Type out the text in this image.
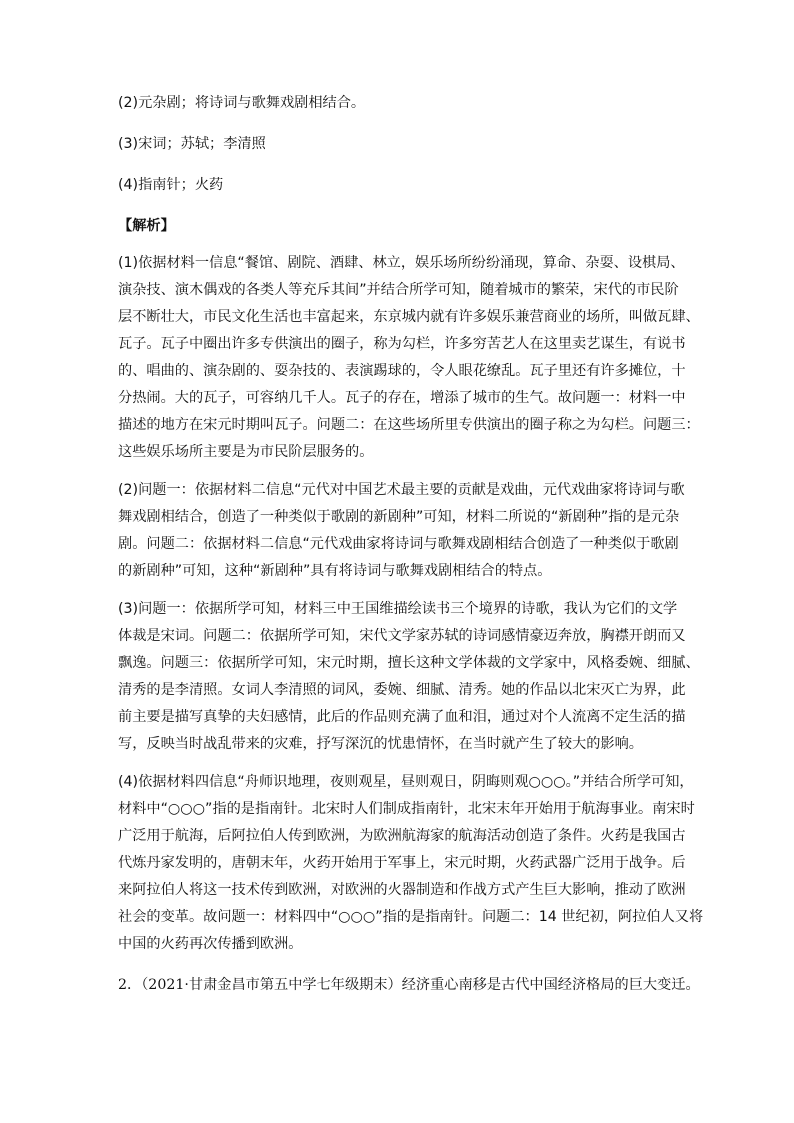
(2)元杂剧；将诗词与歌舞戏剧相结合。

(3)宋词；苏轼；李清照

(4)指南针；火药

【解析】

(1)依据材料一信息“餐馆、剧院、酒肆、林立，娱乐场所纷纷涌现，算命、杂耍、设棋局、

演杂技、演木偶戏的各类人等充斥其间”并结合所学可知，随着城市的繁荣，宋代的市民阶

层不断壮大，市民文化生活也丰富起来，东京城内就有许多娱乐兼营商业的场所，叫做瓦肆、

瓦子。瓦子中圈出许多专供演出的圈子，称为勾栏，许多穷苦艺人在这里卖艺谋生，有说书

的、唱曲的、演杂剧的、耍杂技的、表演踢球的，令人眼花缭乱。瓦子里还有许多摊位，十

分热闹。大的瓦子，可容纳几千人。瓦子的存在，增添了城市的生气。故问题一：材料一中

描述的地方在宋元时期叫瓦子。问题二：在这些场所里专供演出的圈子称之为勾栏。问题三：

这些娱乐场所主要是为市民阶层服务的。

(2)问题一：依据材料二信息“元代对中国艺术最主要的贡献是戏曲，元代戏曲家将诗词与歌

舞戏剧相结合，创造了一种类似于歌剧的新剧种”可知，材料二所说的“新剧种”指的是元杂

剧。问题二：依据材料二信息“元代戏曲家将诗词与歌舞戏剧相结合创造了一种类似于歌剧

的新剧种”可知，这种“新剧种”具有将诗词与歌舞戏剧相结合的特点。

(3)问题一：依据所学可知，材料三中王国维描绘读书三个境界的诗歌，我认为它们的文学

体裁是宋词。问题二：依据所学可知，宋代文学家苏轼的诗词感情豪迈奔放，胸襟开朗而又

飘逸。问题三：依据所学可知，宋元时期，擅长这种文学体裁的文学家中，风格委婉、细腻、

清秀的是李清照。女词人李清照的词风，委婉、细腻、清秀。她的作品以北宋灭亡为界，此

前主要是描写真挚的夫妇感情，此后的作品则充满了血和泪，通过对个人流离不定生活的描

写，反映当时战乱带来的灾难，抒写深沉的忧患情怀，在当时就产生了较大的影响。

(4)依据材料四信息“舟师识地理，夜则观星，昼则观日，阴晦则观○○○。”并结合所学可知，

材料中“○○○”指的是指南针。北宋时人们制成指南针，北宋末年开始用于航海事业。南宋时

广泛用于航海，后阿拉伯人传到欧洲，为欧洲航海家的航海活动创造了条件。火药是我国古

代炼丹家发明的，唐朝末年，火药开始用于军事上，宋元时期，火药武器广泛用于战争。后

来阿拉伯人将这一技术传到欧洲，对欧洲的火器制造和作战方式产生巨大影响，推动了欧洲

社会的变革。故问题一：材料四中“○○○”指的是指南针。问题二：14 世纪初，阿拉伯人又将

中国的火药再次传播到欧洲。

2．（2021·甘肃金昌市第五中学七年级期末）经济重心南移是古代中国经济格局的巨大变迁。
